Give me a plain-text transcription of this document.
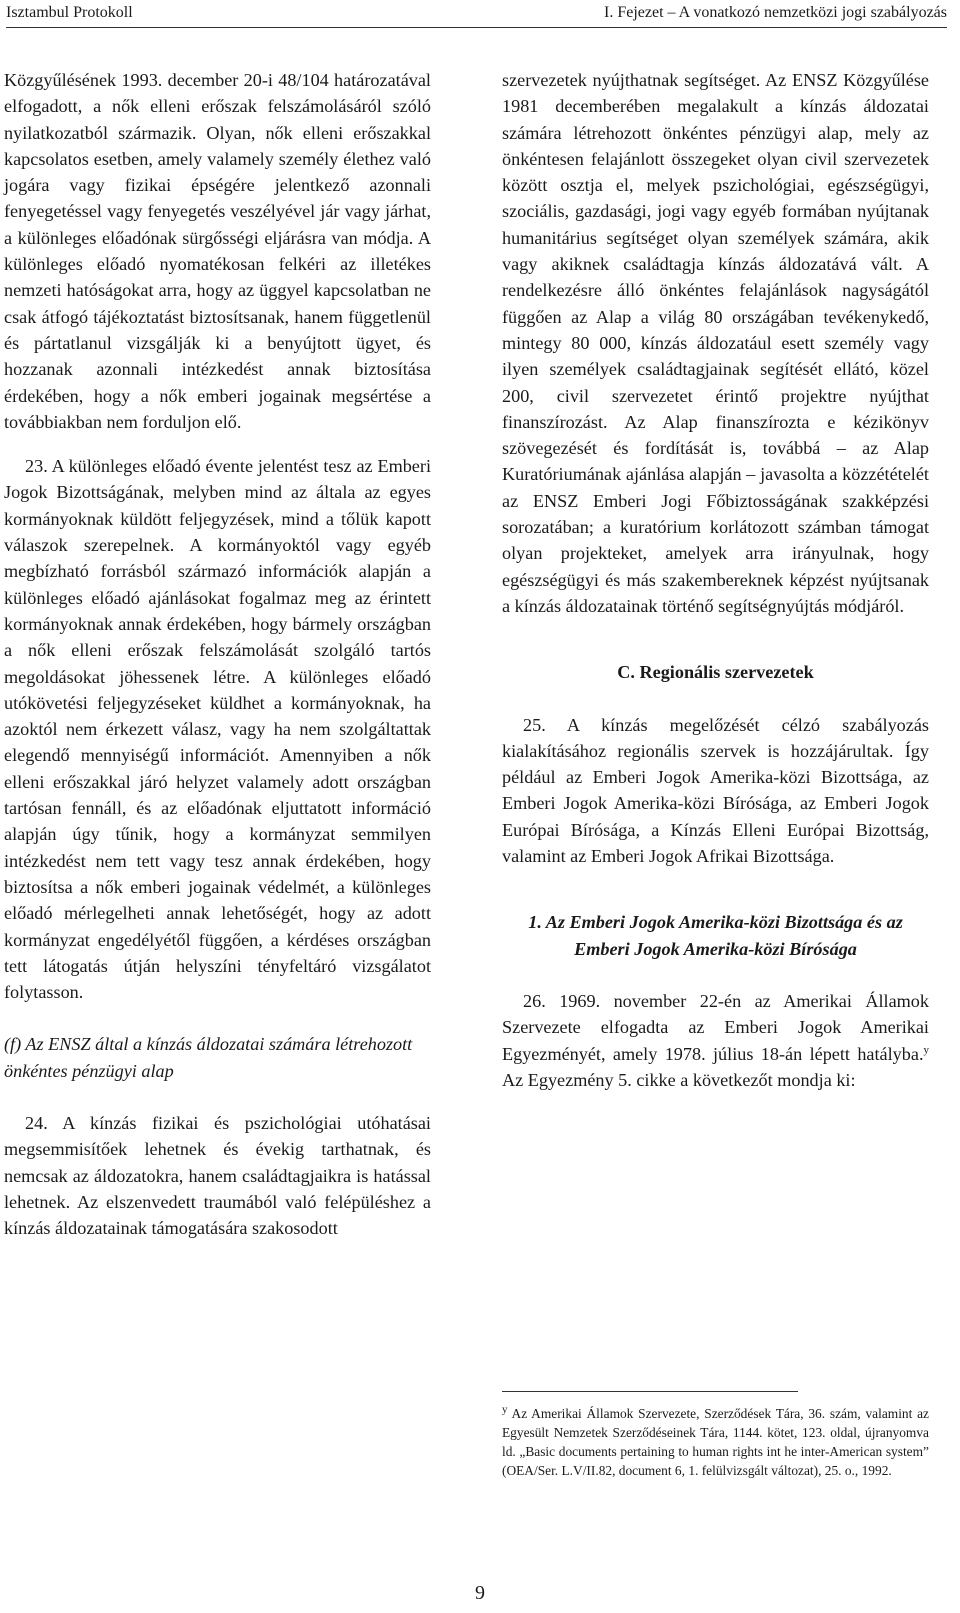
Isztambul Protokoll	I. Fejezet – A vonatkozó nemzetközi jogi szabályozás

Közgyűlésének 1993. december 20-i 48/104 határozatával elfogadott, a nők elleni erőszak felszámolásáról szóló nyilatkozatból származik. Olyan, nők elleni erőszakkal kapcsolatos esetben, amely valamely személy élethez való jogára vagy fizikai épségére jelentkező azonnali fenyegetéssel vagy fenyegetés veszélyével jár vagy járhat, a különleges előadónak sürgősségi eljárásra van módja. A különleges előadó nyomatékosan felkéri az illetékes nemzeti hatóságokat arra, hogy az üggyel kapcsolatban ne csak átfogó tájékoztatást biztosítsanak, hanem függetlenül és pártatlanul vizsgálják ki a benyújtott ügyet, és hozzanak azonnali intézkedést annak biztosítása érdekében, hogy a nők emberi jogainak megsértése a továbbiakban nem forduljon elő.

23. A különleges előadó évente jelentést tesz az Emberi Jogok Bizottságának, melyben mind az általa az egyes kormányoknak küldött feljegyzések, mind a tőlük kapott válaszok szerepelnek. A kormányoktól vagy egyéb megbízható forrásból származó információk alapján a különleges előadó ajánlásokat fogalmaz meg az érintett kormányoknak annak érdekében, hogy bármely országban a nők elleni erőszak felszámolását szolgáló tartós megoldásokat jöhessenek létre. A különleges előadó utókövetési feljegyzéseket küldhet a kormányoknak, ha azoktól nem érkezett válasz, vagy ha nem szolgáltattak elegendő mennyiségű információt. Amennyiben a nők elleni erőszakkal járó helyzet valamely adott országban tartósan fennáll, és az előadónak eljuttatott információ alapján úgy tűnik, hogy a kormányzat semmilyen intézkedést nem tett vagy tesz annak érdekében, hogy biztosítsa a nők emberi jogainak védelmét, a különleges előadó mérlegelheti annak lehetőségét, hogy az adott kormányzat engedélyétől függően, a kérdéses országban tett látogatás útján helyszíni tényfeltáró vizsgálatot folytasson.

(f) Az ENSZ által a kínzás áldozatai számára létrehozott önkéntes pénzügyi alap

24. A kínzás fizikai és pszichológiai utóhatásai megsemmisítőek lehetnek és évekig tarthatnak, és nemcsak az áldozatokra, hanem családtagjaikra is hatással lehetnek. Az elszenvedett traumából való felépüléshez a kínzás áldozatainak támogatására szakosodott

szervezetek nyújthatnak segítséget. Az ENSZ Közgyűlése 1981 decemberében megalakult a kínzás áldozatai számára létrehozott önkéntes pénzügyi alap, mely az önkéntesen felajánlott összegeket olyan civil szervezetek között osztja el, melyek pszichológiai, egészségügyi, szociális, gazdasági, jogi vagy egyéb formában nyújtanak humanitárius segítséget olyan személyek számára, akik vagy akiknek családtagja kínzás áldozatává vált. A rendelkezésre álló önkéntes felajánlások nagyságától függően az Alap a világ 80 országában tevékenykedő, mintegy 80 000, kínzás áldozatául esett személy vagy ilyen személyek családtagjainak segítését ellátó, közel 200, civil szervezetet érintő projektre nyújthat finanszírozást. Az Alap finanszírozta e kézikönyv szövegezését és fordítását is, továbbá – az Alap Kuratóriumának ajánlása alapján – javasolta a közzétételét az ENSZ Emberi Jogi Főbiztosságának szakképzési sorozatában; a kuratórium korlátozott számban támogat olyan projekteket, amelyek arra irányulnak, hogy egészségügyi és más szakembereknek képzést nyújtsanak a kínzás áldozatainak történő segítségnyújtás módjáról.

C. Regionális szervezetek

25. A kínzás megelőzését célzó szabályozás kialakításához regionális szervek is hozzájárultak. Így például az Emberi Jogok Amerika-közi Bizottsága, az Emberi Jogok Amerika-közi Bírósága, az Emberi Jogok Európai Bírósága, a Kínzás Elleni Európai Bizottság, valamint az Emberi Jogok Afrikai Bizottsága.

1. Az Emberi Jogok Amerika-közi Bizottsága és az Emberi Jogok Amerika-közi Bírósága

26. 1969. november 22-én az Amerikai Államok Szervezete elfogadta az Emberi Jogok Amerikai Egyezményét, amely 1978. július 18-án lépett hatályba.$^y$ Az Egyezmény 5. cikke a következőt mondja ki:

$^y$ Az Amerikai Államok Szervezete, Szerződések Tára, 36. szám, valamint az Egyesült Nemzetek Szerződéseinek Tára, 1144. kötet, 123. oldal, újranyomva ld. „Basic documents pertaining to human rights int he inter-American system” (OEA/Ser. L.V/II.82, document 6, 1. felülvizsgált változat), 25. o., 1992.
9
